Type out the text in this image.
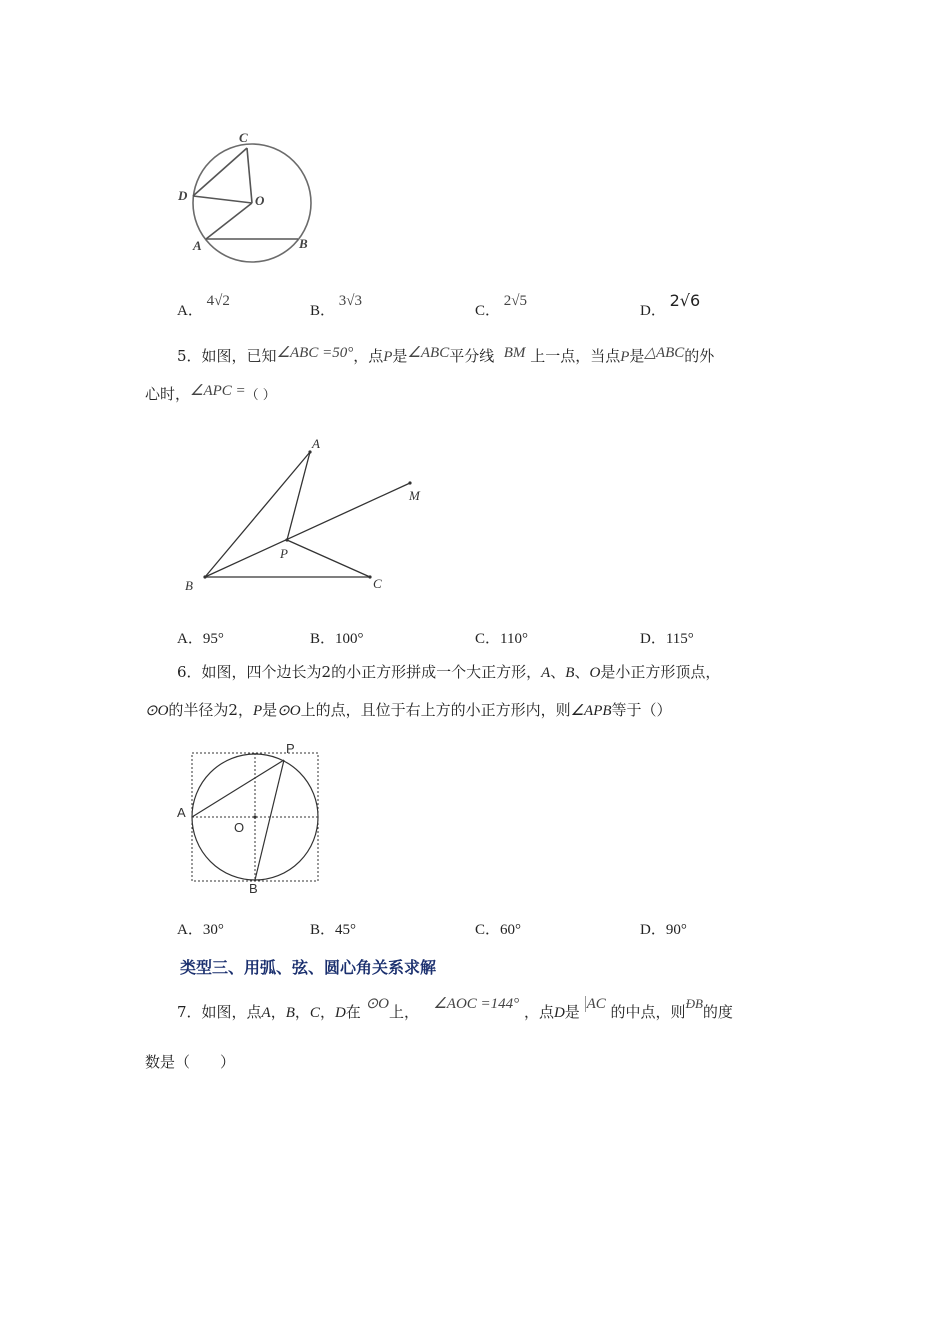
C
D	O
A	B
A． 4√2
B． 3√3
C． 2√5
D． 2√6
5．如图，已知∠ABC =50°，点P是∠ABC平分线 BM 上一点，当点P是△ABC的外
心时，∠APC =（ ）
A
M
P
B	C
A．95°	B．100°	C．110°	D．115°
6．如图，四个边长为2的小正方形拼成一个大正方形，A、B、O是小正方形顶点，
⊙O的半径为2，P是⊙O上的点，且位于右上方的小正方形内，则∠APB等于（）
P
A
O
B
A．30°	B．45°	C．60°	D．90°
类型三、用弧、弦、圆心角关系求解
7．如图，点A，B，C，D在 ⊙O上， ∠AOC =144° ，点D是 AC 的中点，则ÐB的度
数是（　　）
